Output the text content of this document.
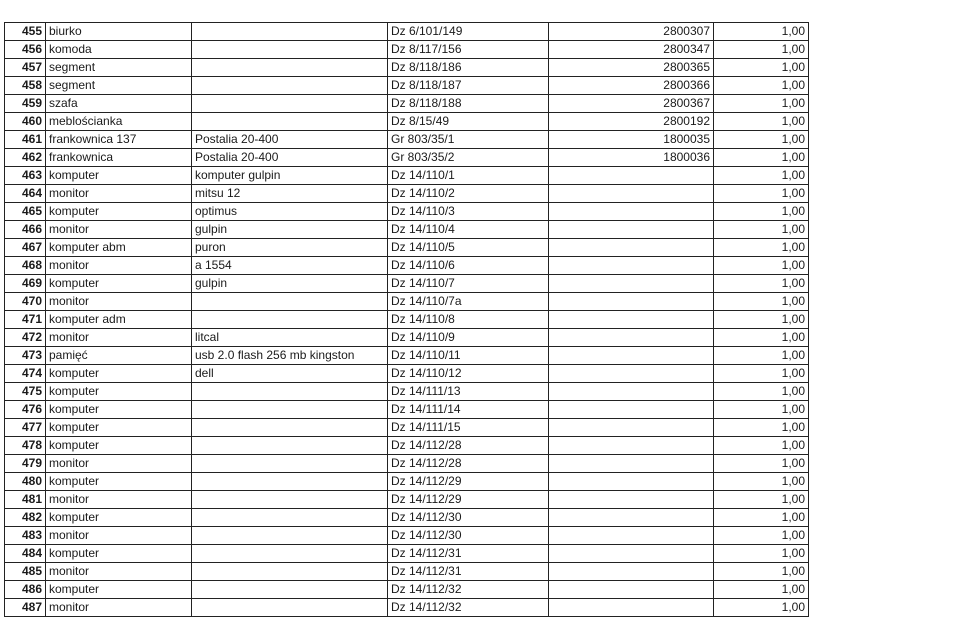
455	biurko		Dz 6/101/149	2800307	1,00
456	komoda		Dz 8/117/156	2800347	1,00
457	segment		Dz 8/118/186	2800365	1,00
458	segment		Dz 8/118/187	2800366	1,00
459	szafa		Dz 8/118/188	2800367	1,00
460	meblościanka		Dz 8/15/49	2800192	1,00
461	frankownica 137	Postalia 20-400	Gr 803/35/1	1800035	1,00
462	frankownica	Postalia 20-400	Gr 803/35/2	1800036	1,00
463	komputer	komputer gulpin	Dz 14/110/1		1,00
464	monitor	mitsu 12	Dz 14/110/2		1,00
465	komputer	optimus	Dz 14/110/3		1,00
466	monitor	gulpin	Dz 14/110/4		1,00
467	komputer abm	puron	Dz 14/110/5		1,00
468	monitor	a 1554	Dz 14/110/6		1,00
469	komputer	gulpin	Dz 14/110/7		1,00
470	monitor		Dz 14/110/7a		1,00
471	komputer adm		Dz 14/110/8		1,00
472	monitor	litcal	Dz 14/110/9		1,00
473	pamięć	usb 2.0 flash 256 mb kingston	Dz 14/110/11		1,00
474	komputer	dell	Dz 14/110/12		1,00
475	komputer		Dz 14/111/13		1,00
476	komputer		Dz 14/111/14		1,00
477	komputer		Dz 14/111/15		1,00
478	komputer		Dz 14/112/28		1,00
479	monitor		Dz 14/112/28		1,00
480	komputer		Dz 14/112/29		1,00
481	monitor		Dz 14/112/29		1,00
482	komputer		Dz 14/112/30		1,00
483	monitor		Dz 14/112/30		1,00
484	komputer		Dz 14/112/31		1,00
485	monitor		Dz 14/112/31		1,00
486	komputer		Dz 14/112/32		1,00
487	monitor		Dz 14/112/32		1,00
